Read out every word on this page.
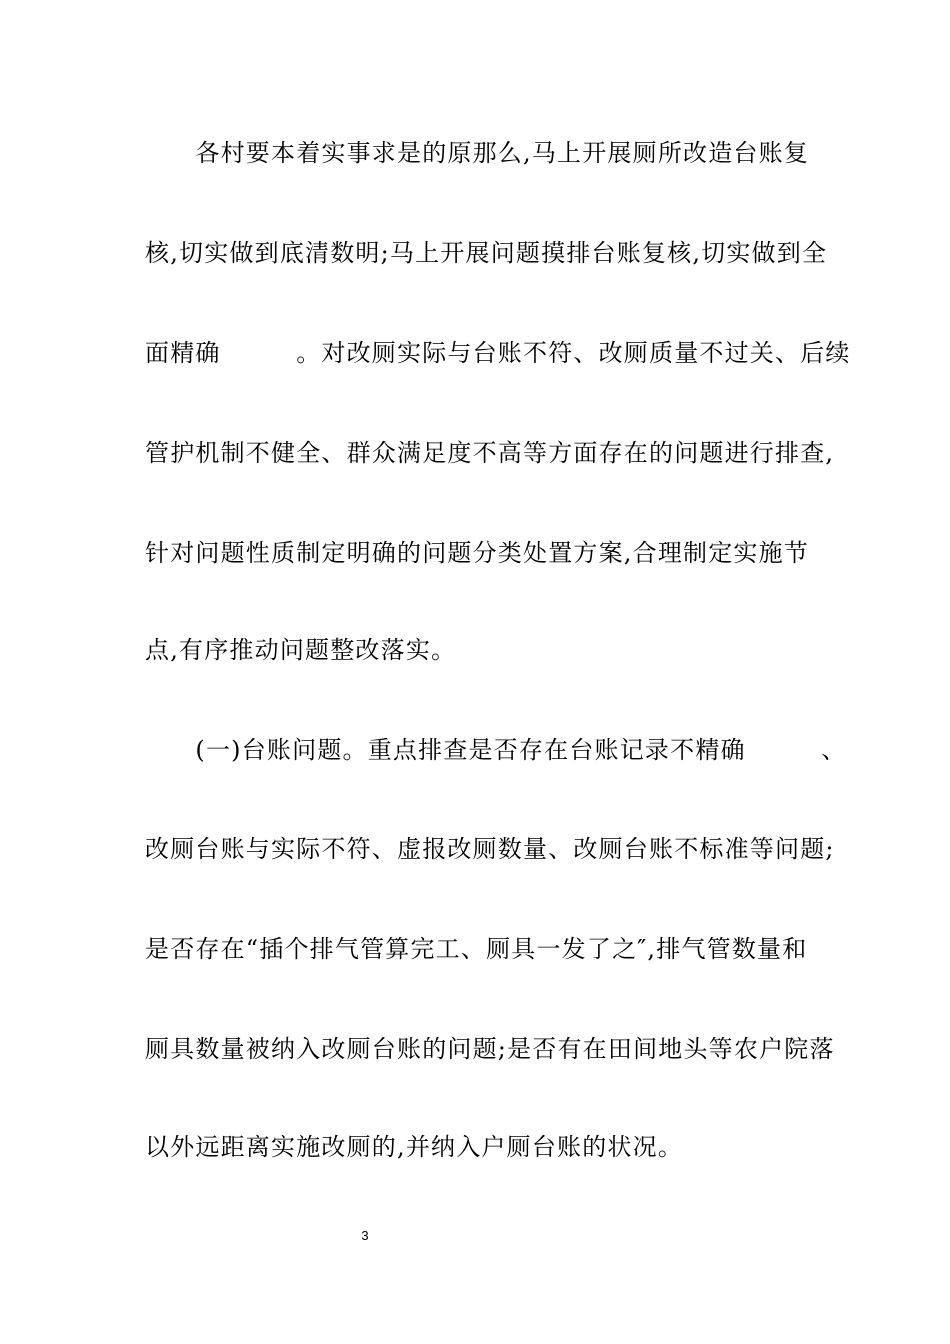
　　各村要本着实事求是的原那么,马上开展厕所改造台账复

核,切实做到底清数明;马上开展问题摸排台账复核,切实做到全

面精确　　　。对改厕实际与台账不符、改厕质量不过关、后续

管护机制不健全、群众满足度不高等方面存在的问题进行排查,

针对问题性质制定明确的问题分类处置方案,合理制定实施节

点,有序推动问题整改落实。

　　(一)台账问题。重点排查是否存在台账记录不精确　　　、

改厕台账与实际不符、虚报改厕数量、改厕台账不标准等问题;

是否存在“插个排气管算完工、厕具一发了之″,排气管数量和

厕具数量被纳入改厕台账的问题;是否有在田间地头等农户院落

以外远距离实施改厕的,并纳入户厕台账的状况。

3
